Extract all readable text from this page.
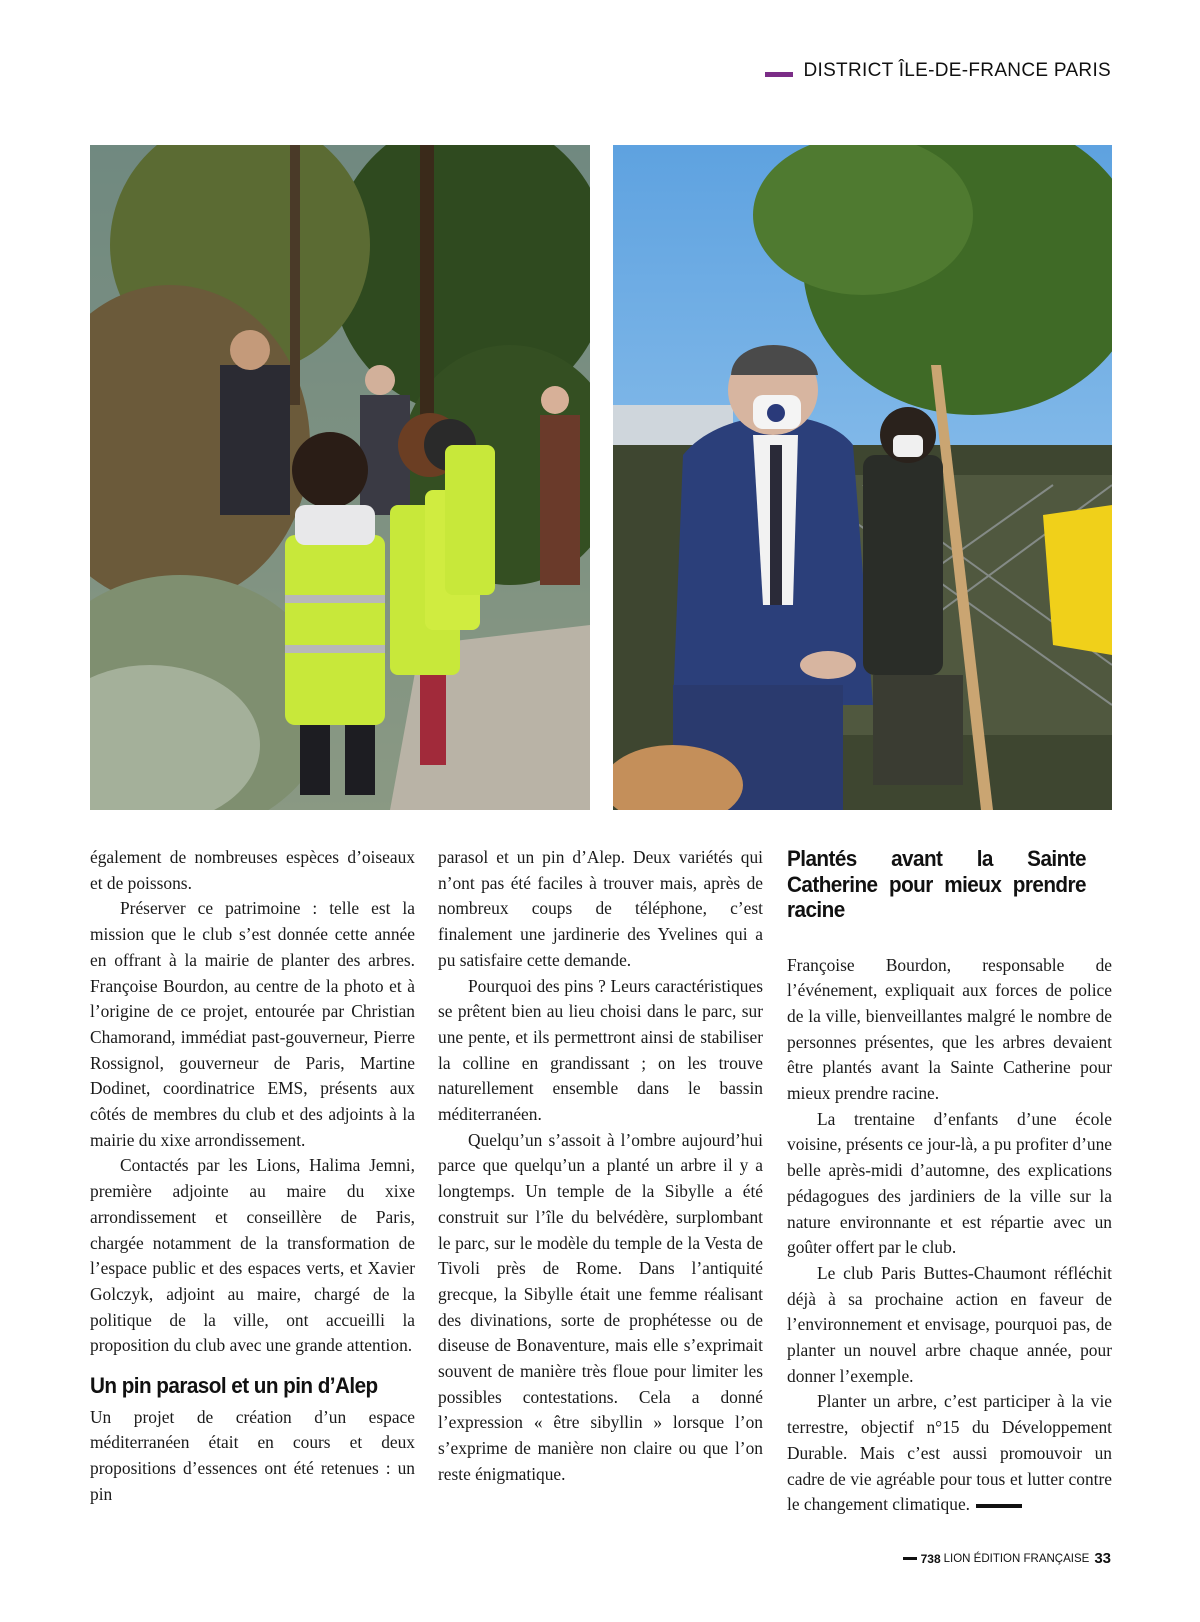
DISTRICT ÎLE-DE-FRANCE PARIS

également de nombreuses espèces d’oiseaux et de poissons.

Préserver ce patrimoine : telle est la mission que le club s’est donnée cette année en offrant à la mairie de planter des arbres. Françoise Bourdon, au centre de la photo et à l’origine de ce projet, entourée par Christian Chamorand, immédiat past-gouverneur, Pierre Rossignol, gouverneur de Paris, Martine Dodinet, coordinatrice EMS, présents aux côtés de membres du club et des adjoints à la mairie du xixe arrondissement.

Contactés par les Lions, Halima Jemni, première adjointe au maire du xixe arrondissement et conseillère de Paris, chargée notamment de la transformation de l’espace public et des espaces verts, et Xavier Golczyk, adjoint au maire, chargé de la politique de la ville, ont accueilli la proposition du club avec une grande attention.

Un pin parasol et un pin d’Alep

Un projet de création d’un espace méditerranéen était en cours et deux propositions d’essences ont été retenues : un pin

parasol et un pin d’Alep. Deux variétés qui n’ont pas été faciles à trouver mais, après de nombreux coups de téléphone, c’est finalement une jardinerie des Yvelines qui a pu satisfaire cette demande.

Pourquoi des pins ? Leurs caractéristiques se prêtent bien au lieu choisi dans le parc, sur une pente, et ils permettront ainsi de stabiliser la colline en grandissant ; on les trouve naturellement ensemble dans le bassin méditerranéen.

Quelqu’un s’assoit à l’ombre aujourd’hui parce que quelqu’un a planté un arbre il y a longtemps. Un temple de la Sibylle a été construit sur l’île du belvédère, surplombant le parc, sur le modèle du temple de la Vesta de Tivoli près de Rome. Dans l’antiquité grecque, la Sibylle était une femme réalisant des divinations, sorte de prophétesse ou de diseuse de Bonaventure, mais elle s’exprimait souvent de manière très floue pour limiter les possibles contestations. Cela a donné l’expression « être sibyllin » lorsque l’on s’exprime de manière non claire ou que l’on reste énigmatique.

Plantés avant la Sainte Catherine pour mieux prendre racine

Françoise Bourdon, responsable de l’événement, expliquait aux forces de police de la ville, bienveillantes malgré le nombre de personnes présentes, que les arbres devaient être plantés avant la Sainte Catherine pour mieux prendre racine.

La trentaine d’enfants d’une école voisine, présents ce jour-là, a pu profiter d’une belle après-midi d’automne, des explications pédagogues des jardiniers de la ville sur la nature environnante et est répartie avec un goûter offert par le club.

Le club Paris Buttes-Chaumont réfléchit déjà à sa prochaine action en faveur de l’environnement et envisage, pourquoi pas, de planter un nouvel arbre chaque année, pour donner l’exemple.

Planter un arbre, c’est participer à la vie terrestre, objectif n°15 du Développement Durable. Mais c’est aussi promouvoir un cadre de vie agréable pour tous et lutter contre le changement climatique.

738 LION ÉDITION FRANÇAISE 33
